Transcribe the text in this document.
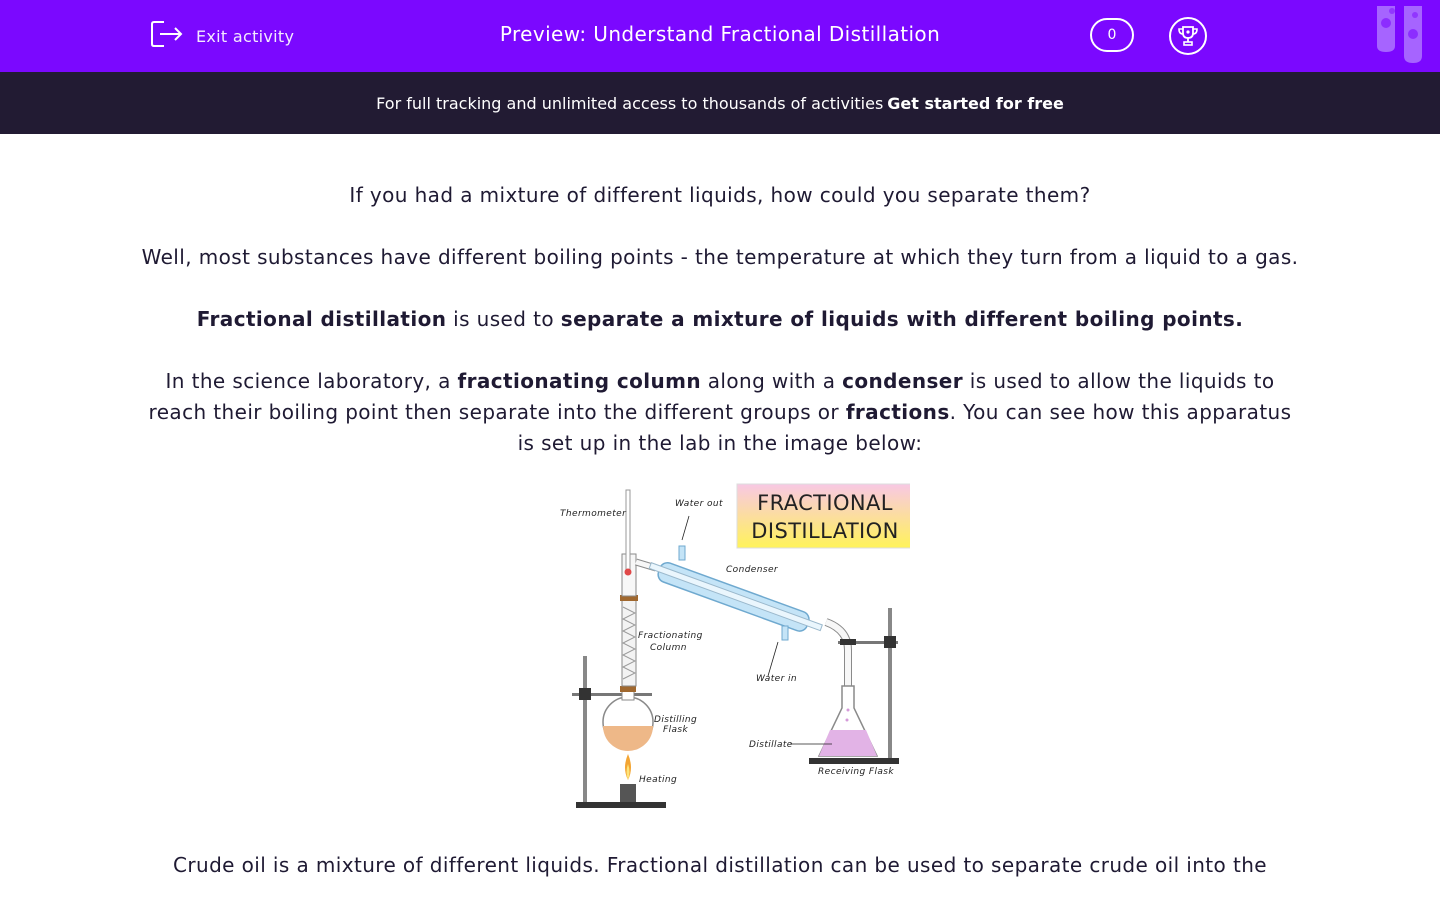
Exit activity	Preview: Understand Fractional Distillation	0
For full tracking and unlimited access to thousands of activities Get started for free

If you had a mixture of different liquids, how could you separate them?

Well, most substances have different boiling points - the temperature at which they turn from a liquid to a gas.

Fractional distillation is used to separate a mixture of liquids with different boiling points.

In the science laboratory, a fractionating column along with a condenser is used to allow the liquids to reach their boiling point then separate into the different groups or fractions. You can see how this apparatus is set up in the lab in the image below:

FRACTIONAL
DISTILLATION
Thermometer
Water out
Condenser
Fractionating
Column
Water in
Distilling
Flask
Distillate
Heating
Receiving Flask

Crude oil is a mixture of different liquids. Fractional distillation can be used to separate crude oil into the
